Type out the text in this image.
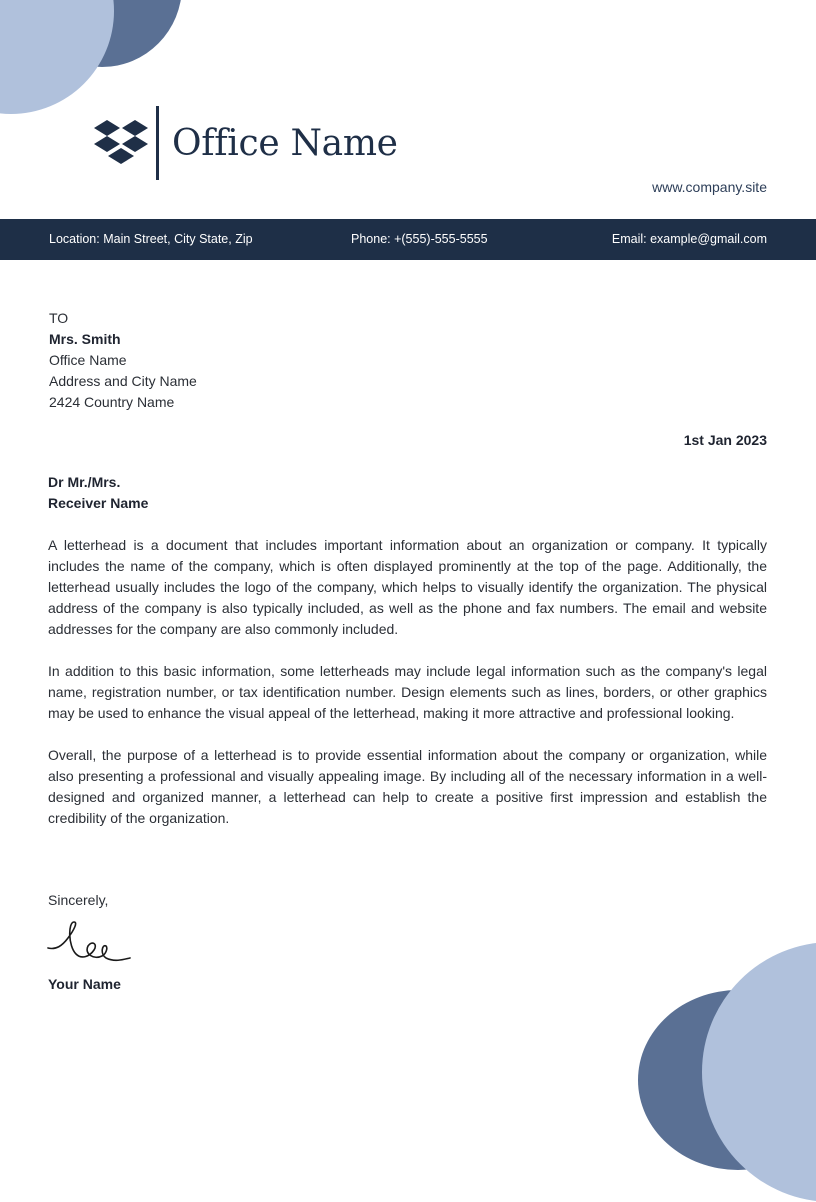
Office Name
www.company.site
Location: Main Street, City State, Zip	Phone: +(555)-555-5555	Email: example@gmail.com
TO
Mrs. Smith
Office Name
Address and City Name
2424 Country Name
1st Jan 2023
Dr Mr./Mrs.
Receiver Name

A letterhead is a document that includes important information about an organization or company. It typically includes the name of the company, which is often displayed prominently at the top of the page. Additionally, the letterhead usually includes the logo of the company, which helps to visually identify the organization. The physical address of the company is also typically included, as well as the phone and fax numbers. The email and website addresses for the company are also commonly included.

In addition to this basic information, some letterheads may include legal information such as the company's legal name, registration number, or tax identification number. Design elements such as lines, borders, or other graphics may be used to enhance the visual appeal of the letterhead, making it more attractive and professional looking.

Overall, the purpose of a letterhead is to provide essential information about the company or organization, while also presenting a professional and visually appealing image. By including all of the necessary information in a well-designed and organized manner, a letterhead can help to create a positive first impression and establish the credibility of the organization.

Sincerely,
Your Name
